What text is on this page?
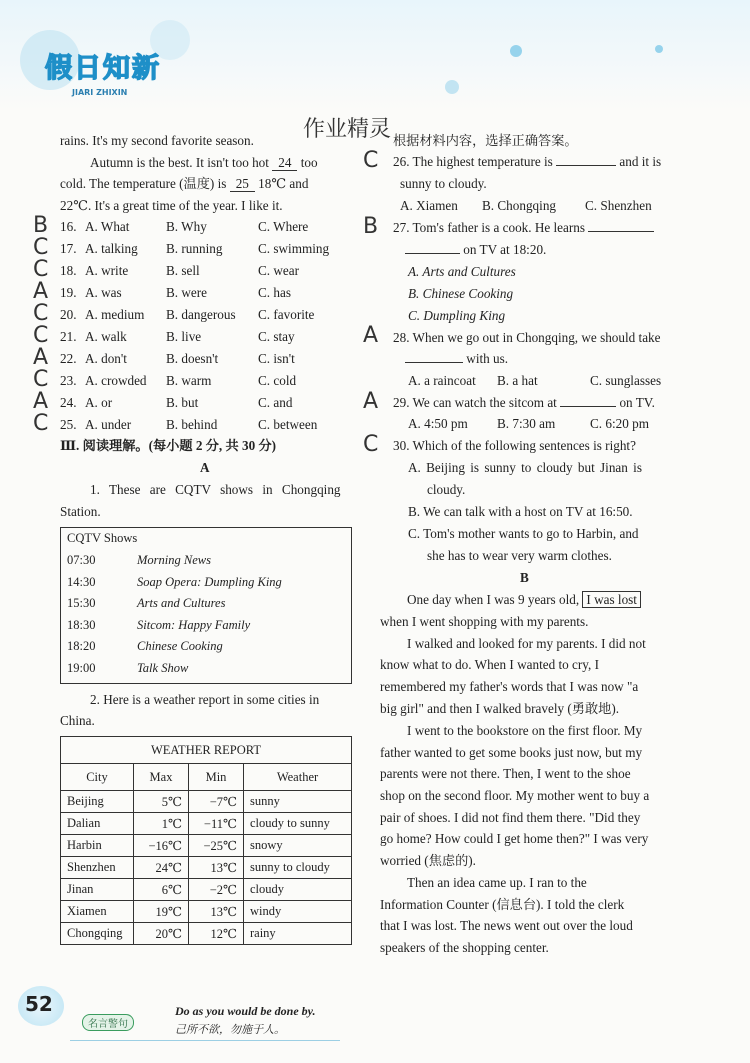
假日知新
JIARI ZHIXIN
作业精灵
rains. It's my second favorite season.
Autumn is the best. It isn't too hot 24 too
cold. The temperature (温度) is 25 18℃ and
22℃. It's a great time of the year. I like it.
B 16. A. What	B. Why	C. Where
C 17. A. talking B. running	C. swimming
C 18. A. write	B. sell	C. wear
A 19. A. was	B. were	C. has
C 20. A. medium B. dangerous C. favorite
C 21. A. walk	B. live	C. stay
A 22. A. don't	B. doesn't	C. isn't
C 23. A. crowded B. warm	C. cold
A 24. A. or	B. but	C. and
C 25. A. under	B. behind	C. between
Ⅲ. 阅读理解。(每小题 2 分, 共 30 分)
A
1. These are CQTV shows in Chongqing
Station.
CQTV Shows
07:30	Morning News
14:30	Soap Opera: Dumpling King
15:30	Arts and Cultures
18:30	Sitcom: Happy Family
18:20	Chinese Cooking
19:00	Talk Show
2. Here is a weather report in some cities in
China.
WEATHER REPORT			
City	Max	Min	Weather
Beijing	5℃	−7℃	sunny
Dalian	1℃	−11℃	cloudy to sunny
Harbin	−16℃	−25℃	snowy
Shenzhen	24℃	13℃	sunny to cloudy
Jinan	6℃	−2℃	cloudy
Xiamen	19℃	13℃	windy
Chongqing	20℃	12℃	rainy
根据材料内容，选择正确答案。
C 26. The highest temperature is	and it is
sunny to cloudy.
A. Xiamen B. Chongqing C. Shenzhen
B 27. Tom's father is a cook. He learns
on TV at 18:20.
A. Arts and Cultures
B. Chinese Cooking
C. Dumpling King
A 28. When we go out in Chongqing, we should take
with us.
A. a raincoat B. a hat	C. sunglasses
A 29. We can watch the sitcom at	on TV.
A. 4:50 pm B. 7:30 am	C. 6:20 pm
C 30. Which of the following sentences is right?
A. Beijing is sunny to cloudy but Jinan is
cloudy.
B. We can talk with a host on TV at 16:50.
C. Tom's mother wants to go to Harbin, and
she has to wear very warm clothes.
B
One day when I was 9 years old, I was lost
when I went shopping with my parents.
I walked and looked for my parents. I did not
know what to do. When I wanted to cry, I
remembered my father's words that I was now "a
big girl" and then I walked bravely (勇敢地).
I went to the bookstore on the first floor. My
father wanted to get some books just now, but my
parents were not there. Then, I went to the shoe
shop on the second floor. My mother went to buy a
pair of shoes. I did not find them there. "Did they
go home? How could I get home then?" I was very
worried (焦虑的).
Then an idea came up. I ran to the
Information Counter (信息台). I told the clerk
that I was lost. The news went out over the loud
speakers of the shopping center.
52
名言警句
Do as you would be done by.
己所不欲，勿施于人。
